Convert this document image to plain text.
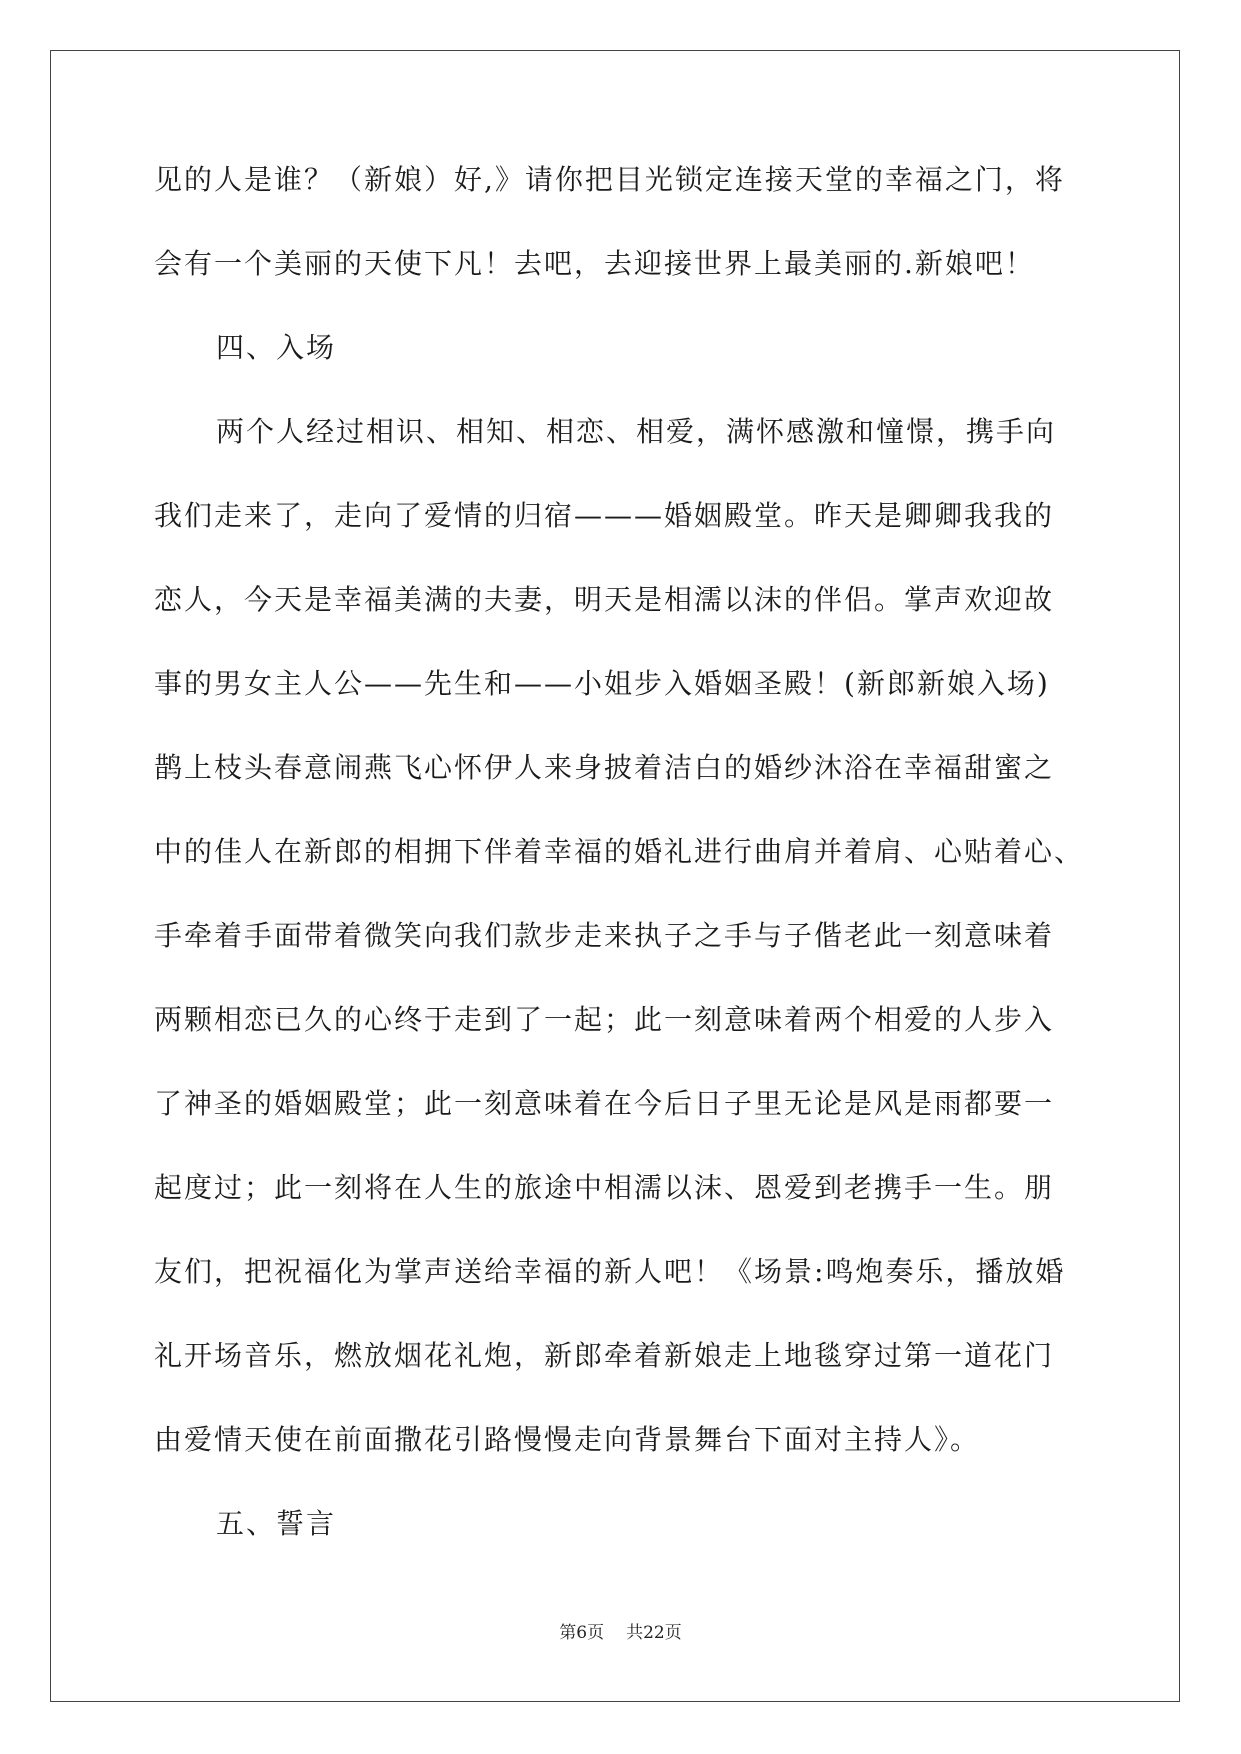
见的人是谁？（新娘）好,》请你把目光锁定连接天堂的幸福之门，将
会有一个美丽的天使下凡！去吧，去迎接世界上最美丽的.新娘吧！
四、入场
两个人经过相识、相知、相恋、相爱，满怀感激和憧憬，携手向
我们走来了，走向了爱情的归宿———婚姻殿堂。昨天是卿卿我我的
恋人，今天是幸福美满的夫妻，明天是相濡以沫的伴侣。掌声欢迎故
事的男女主人公——先生和——小姐步入婚姻圣殿！(新郎新娘入场)
鹊上枝头春意闹燕飞心怀伊人来身披着洁白的婚纱沐浴在幸福甜蜜之
中的佳人在新郎的相拥下伴着幸福的婚礼进行曲肩并着肩、心贴着心、
手牵着手面带着微笑向我们款步走来执子之手与子偕老此一刻意味着
两颗相恋已久的心终于走到了一起；此一刻意味着两个相爱的人步入
了神圣的婚姻殿堂；此一刻意味着在今后日子里无论是风是雨都要一
起度过；此一刻将在人生的旅途中相濡以沫、恩爱到老携手一生。朋
友们，把祝福化为掌声送给幸福的新人吧！《场景:鸣炮奏乐，播放婚
礼开场音乐，燃放烟花礼炮，新郎牵着新娘走上地毯穿过第一道花门
由爱情天使在前面撒花引路慢慢走向背景舞台下面对主持人》。
五、誓言
第6页 共22页
